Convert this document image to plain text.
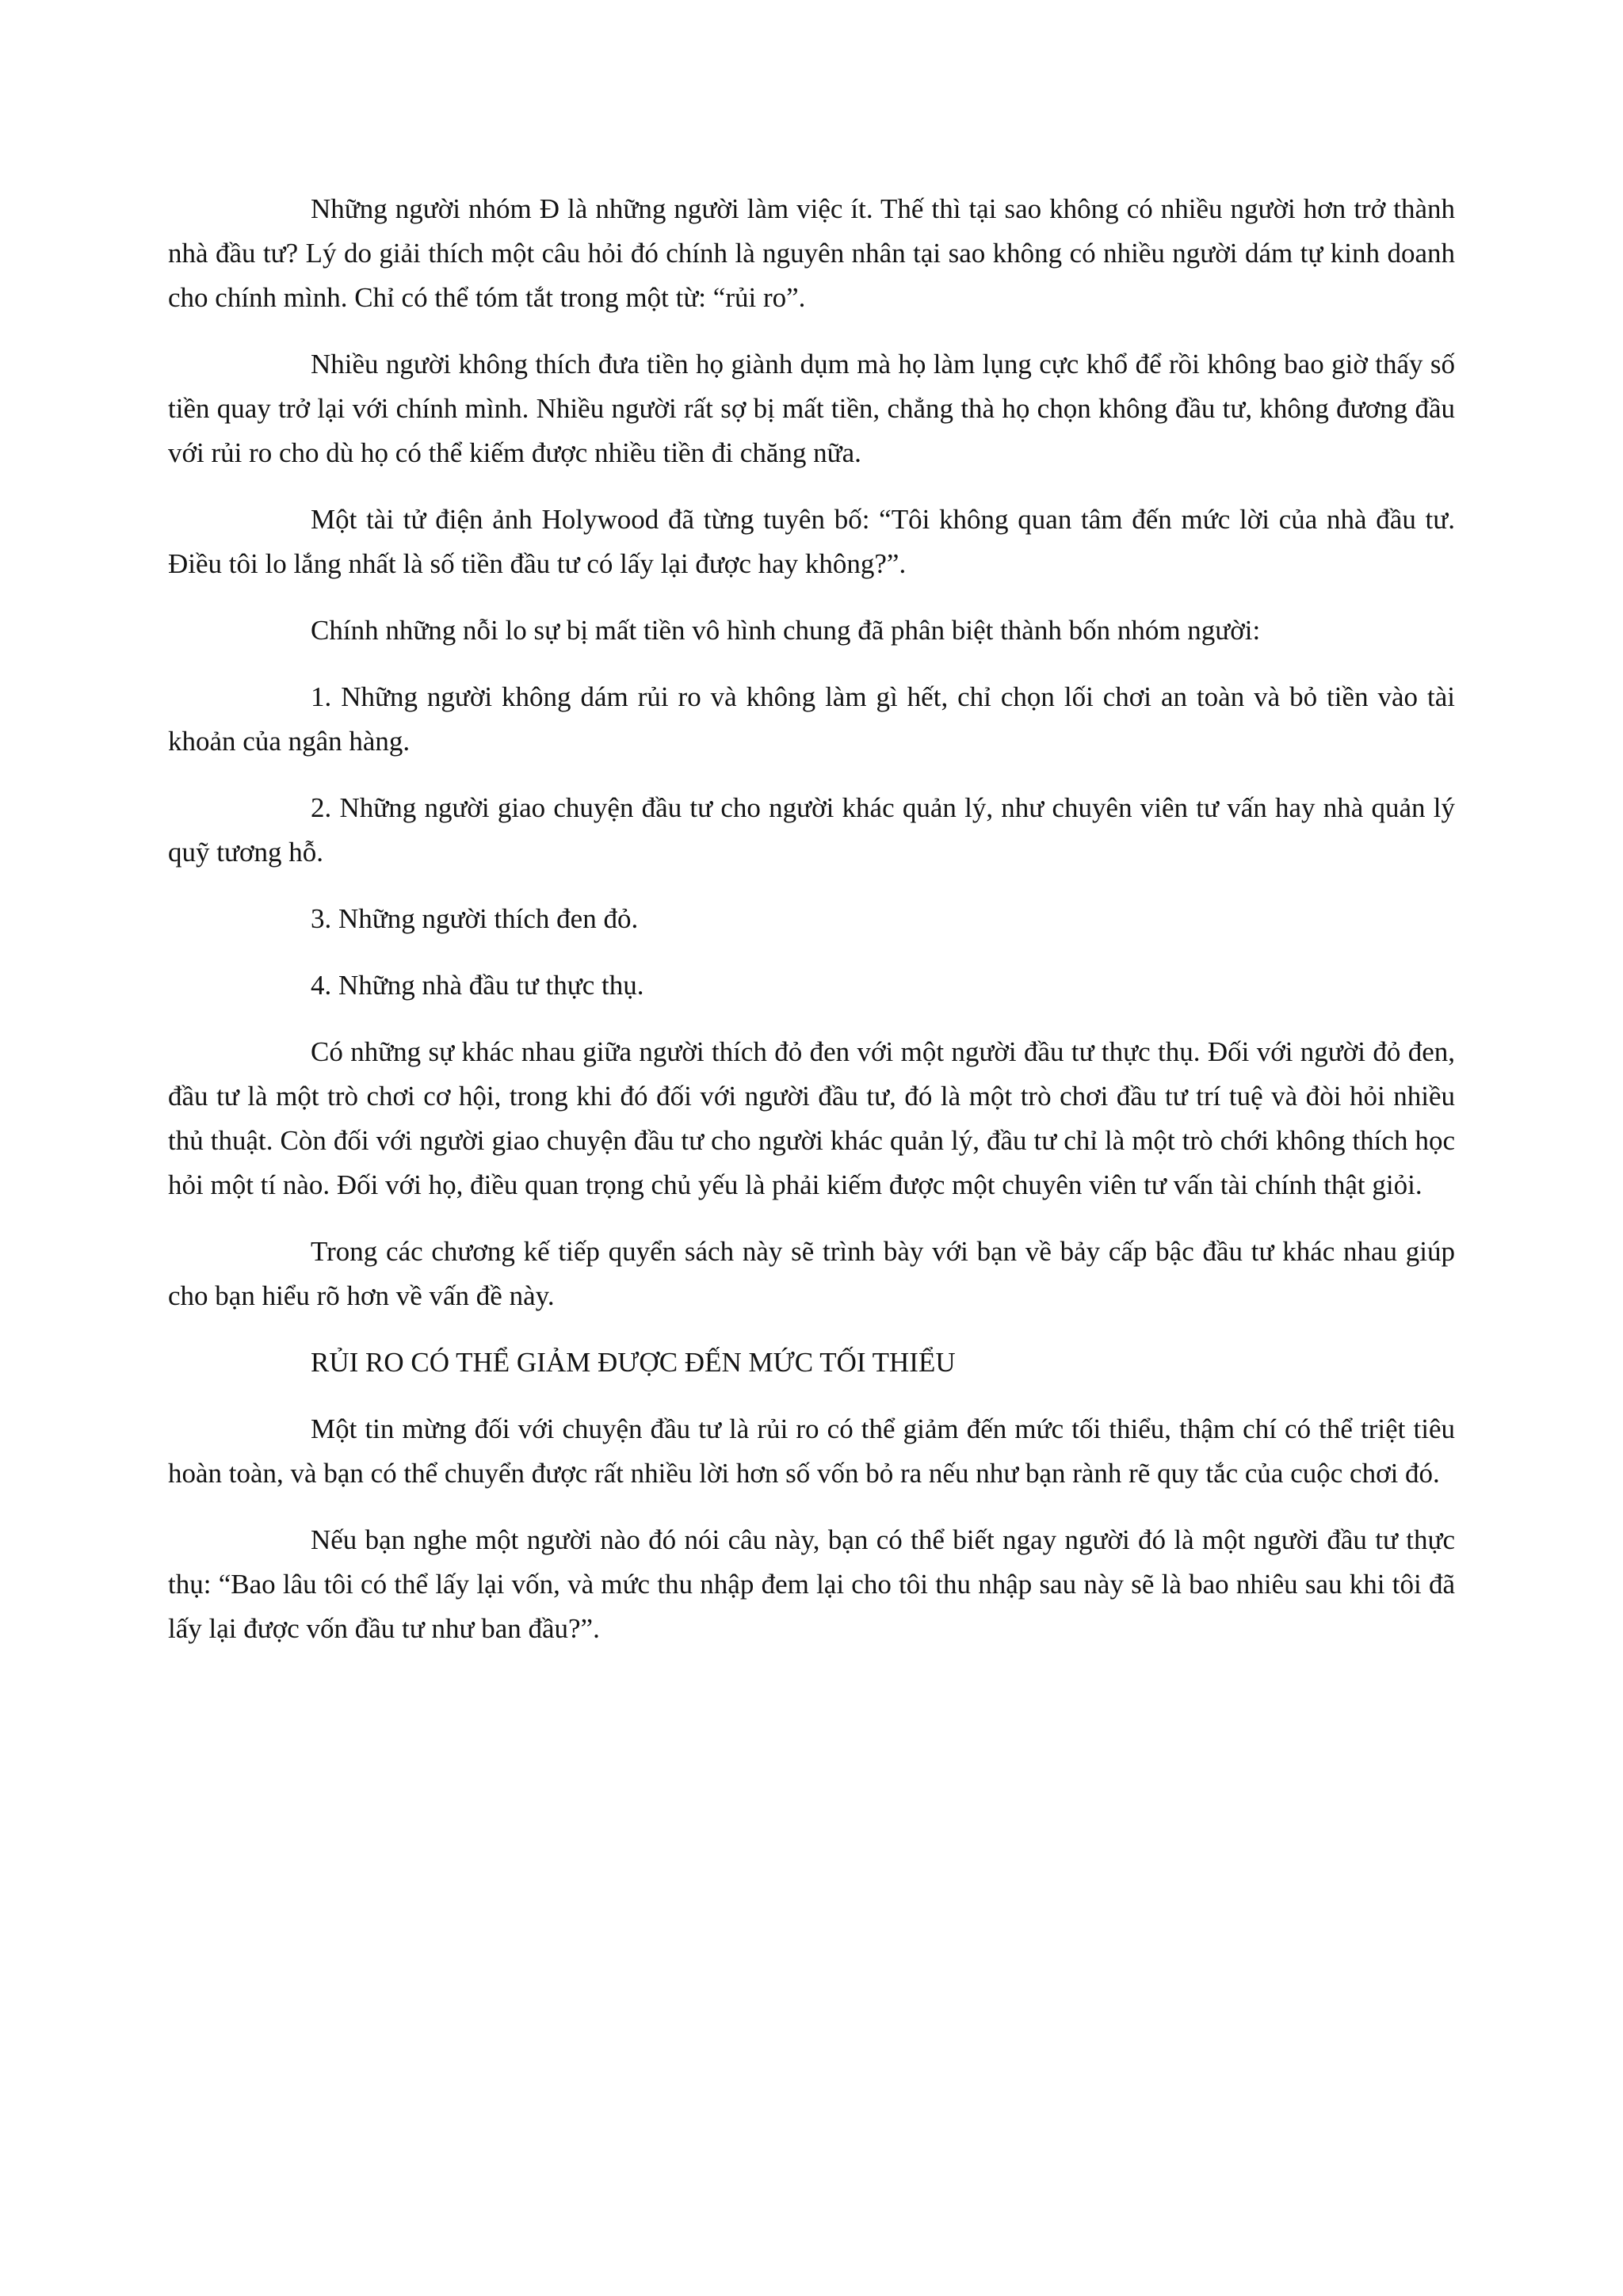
Những người nhóm Đ là những người làm việc ít. Thế thì tại sao không có nhiều người hơn trở thành nhà đầu tư? Lý do giải thích một câu hỏi đó chính là nguyên nhân tại sao không có nhiều người dám tự kinh doanh cho chính mình. Chỉ có thể tóm tắt trong một từ: “rủi ro”.

Nhiều người không thích đưa tiền họ giành dụm mà họ làm lụng cực khổ để rồi không bao giờ thấy số tiền quay trở lại với chính mình. Nhiều người rất sợ bị mất tiền, chẳng thà họ chọn không đầu tư, không đương đầu với rủi ro cho dù họ có thể kiếm được nhiều tiền đi chăng nữa.

Một tài tử điện ảnh Holywood đã từng tuyên bố: “Tôi không quan tâm đến mức lời của nhà đầu tư. Điều tôi lo lắng nhất là số tiền đầu tư có lấy lại được hay không?”.

Chính những nỗi lo sự bị mất tiền vô hình chung đã phân biệt thành bốn nhóm người:

1. Những người không dám rủi ro và không làm gì hết, chỉ chọn lối chơi an toàn và bỏ tiền vào tài khoản của ngân hàng.

2. Những người giao chuyện đầu tư cho người khác quản lý, như chuyên viên tư vấn hay nhà quản lý quỹ tương hỗ.

3. Những người thích đen đỏ.

4. Những nhà đầu tư thực thụ.

Có những sự khác nhau giữa người thích đỏ đen với một người đầu tư thực thụ. Đối với người đỏ đen, đầu tư là một trò chơi cơ hội, trong khi đó đối với người đầu tư, đó là một trò chơi đầu tư trí tuệ và đòi hỏi nhiều thủ thuật. Còn đối với người giao chuyện đầu tư cho người khác quản lý, đầu tư chỉ là một trò chới không thích học hỏi một tí nào. Đối với họ, điều quan trọng chủ yếu là phải kiếm được một chuyên viên tư vấn tài chính thật giỏi.

Trong các chương kế tiếp quyển sách này sẽ trình bày với bạn về bảy cấp bậc đầu tư khác nhau giúp cho bạn hiểu rõ hơn về vấn đề này.

RỦI RO CÓ THỂ GIẢM ĐƯỢC ĐẾN MỨC TỐI THIỂU

Một tin mừng đối với chuyện đầu tư là rủi ro có thể giảm đến mức tối thiểu, thậm chí có thể triệt tiêu hoàn toàn, và bạn có thể chuyển được rất nhiều lời hơn số vốn bỏ ra nếu như bạn rành rẽ quy tắc của cuộc chơi đó.

Nếu bạn nghe một người nào đó nói câu này, bạn có thể biết ngay người đó là một người đầu tư thực thụ: “Bao lâu tôi có thể lấy lại vốn, và mức thu nhập đem lại cho tôi thu nhập sau này sẽ là bao nhiêu sau khi tôi đã lấy lại được vốn đầu tư như ban đầu?”.
